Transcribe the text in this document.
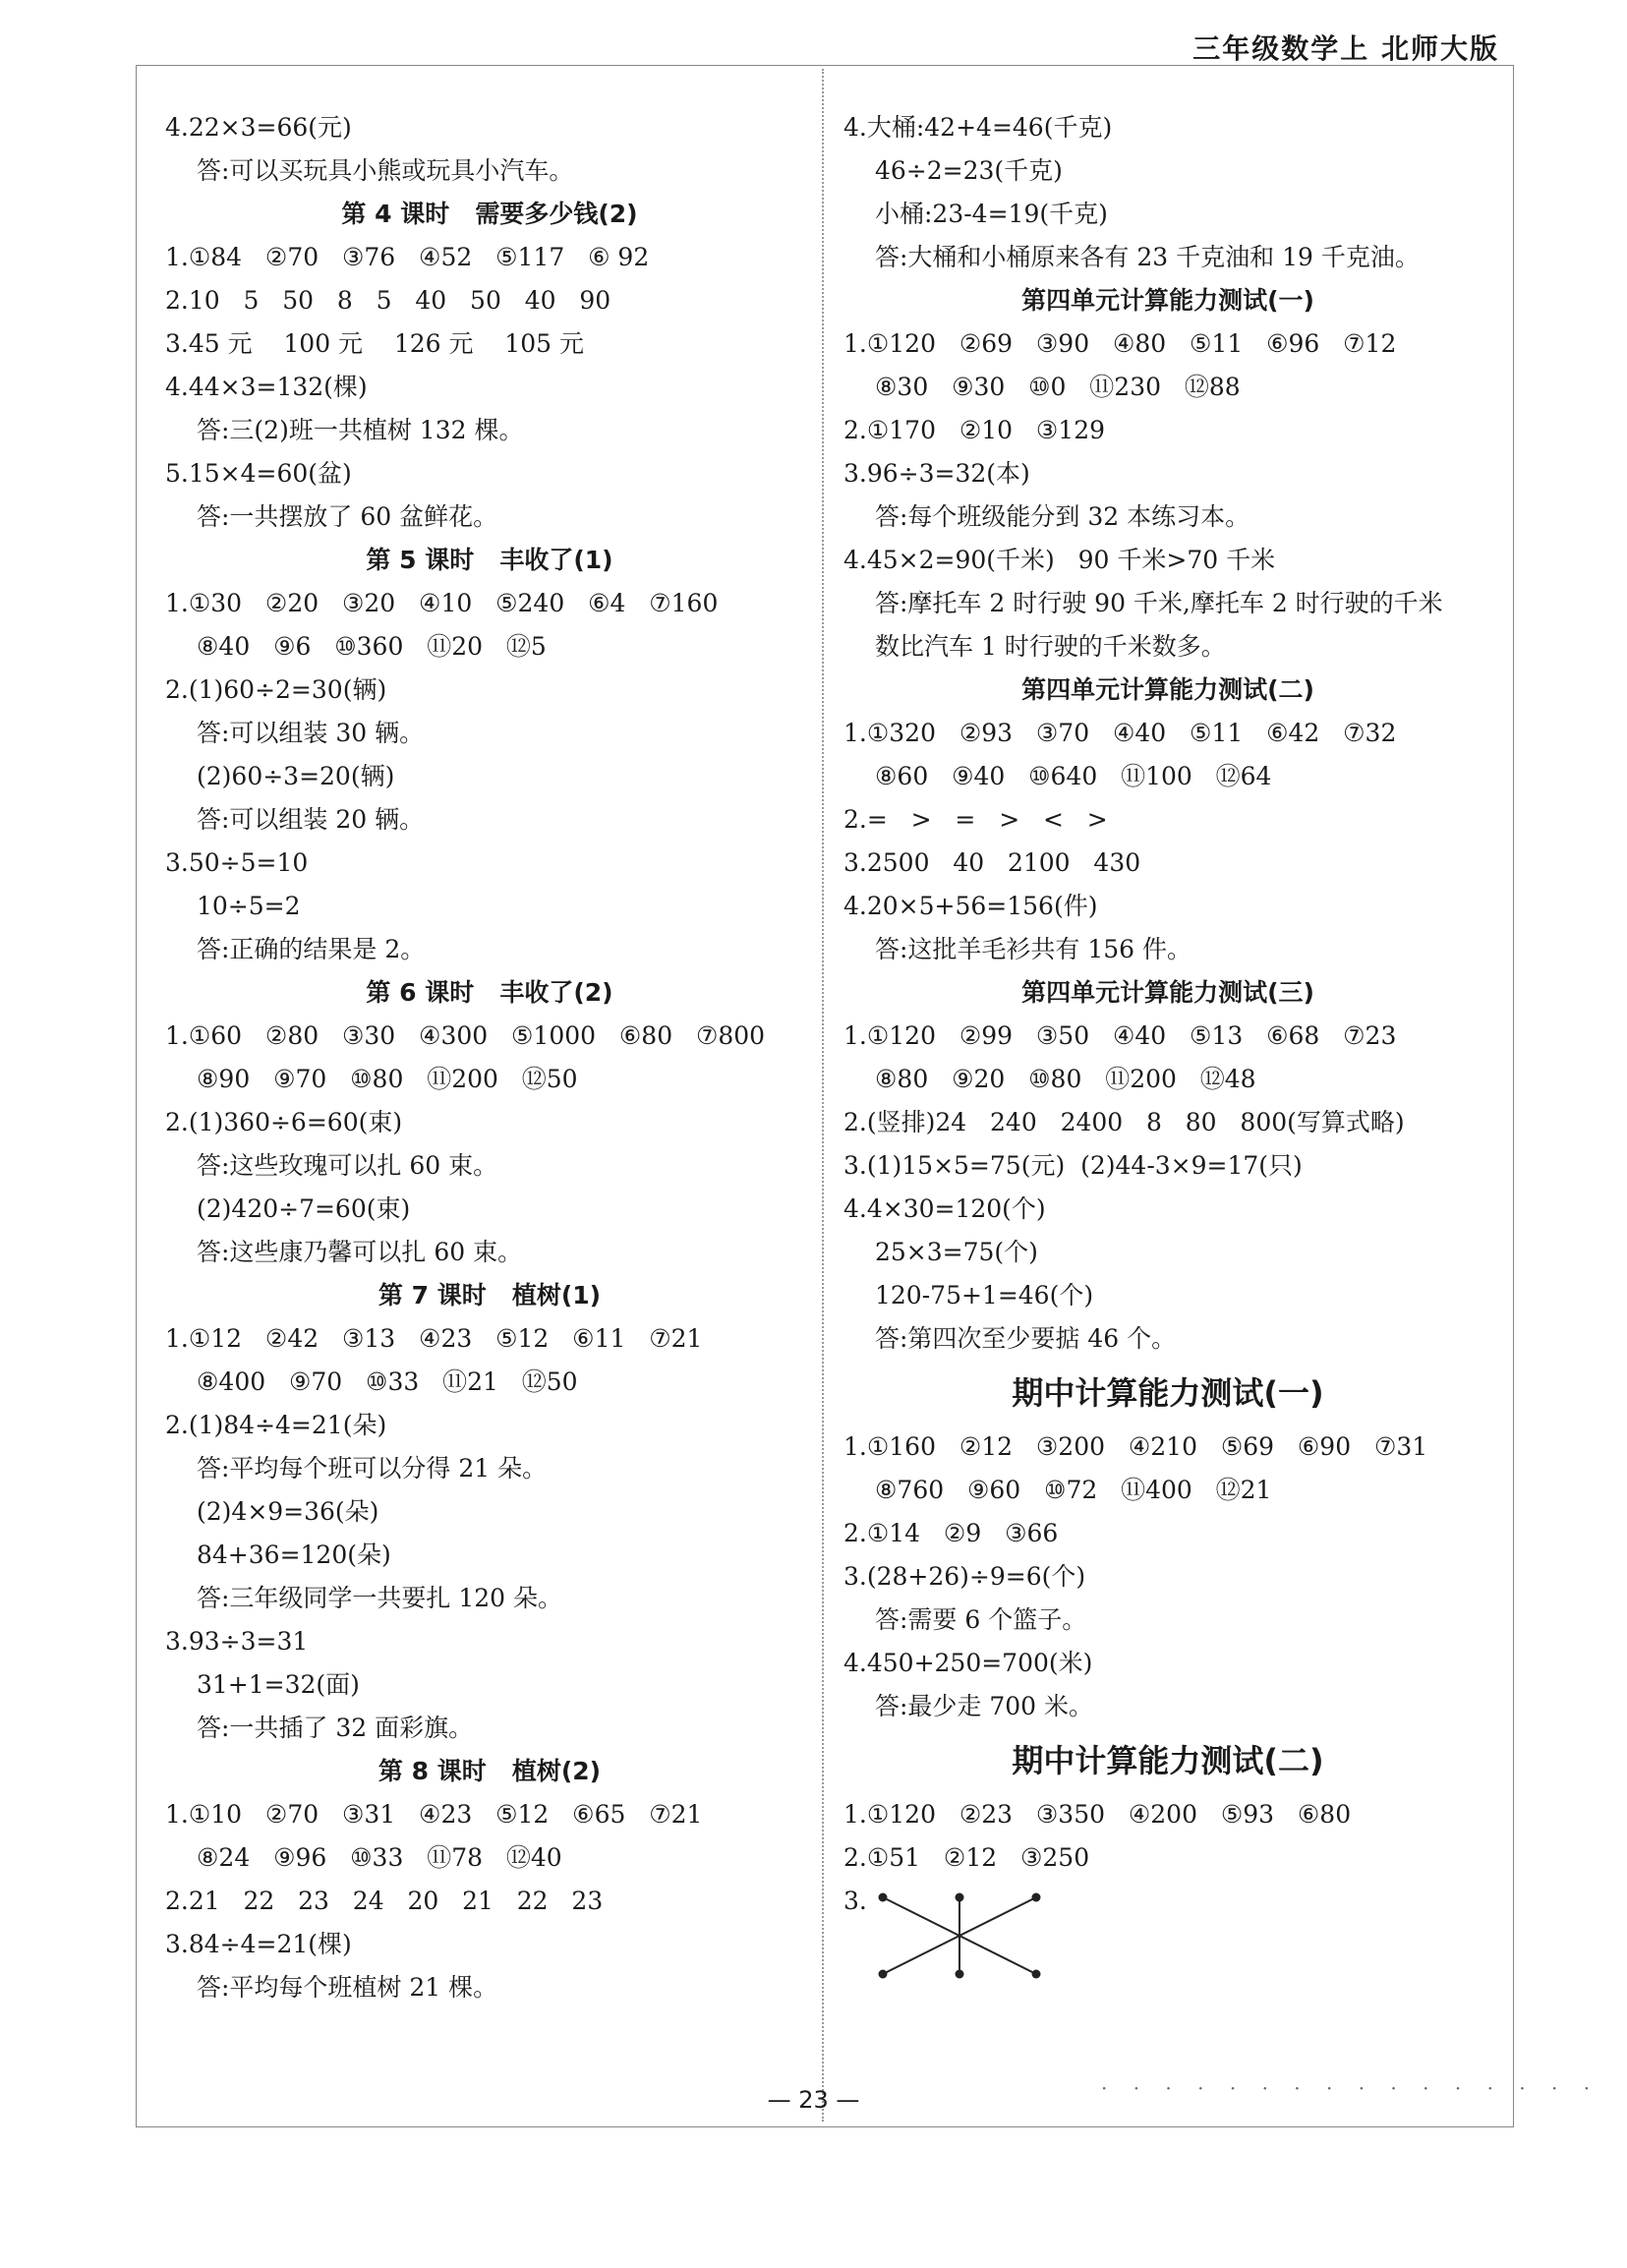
三年级数学上 北师大版
4.22×3=66(元)
答:可以买玩具小熊或玩具小汽车。
第 4 课时   需要多少钱(2)
1.①84   ②70   ③76   ④52   ⑤117   ⑥ 92
2.10   5   50   8   5   40   50   40   90
3.45 元    100 元    126 元    105 元
4.44×3=132(棵)
答:三(2)班一共植树 132 棵。
5.15×4=60(盆)
答:一共摆放了 60 盆鲜花。
第 5 课时   丰收了(1)
1.①30   ②20   ③20   ④10   ⑤240   ⑥4   ⑦160
⑧40   ⑨6   ⑩360   ⑪20   ⑫5
2.(1)60÷2=30(辆)
答:可以组装 30 辆。
(2)60÷3=20(辆)
答:可以组装 20 辆。
3.50÷5=10
10÷5=2
答:正确的结果是 2。
第 6 课时   丰收了(2)
1.①60   ②80   ③30   ④300   ⑤1000   ⑥80   ⑦800
⑧90   ⑨70   ⑩80   ⑪200   ⑫50
2.(1)360÷6=60(束)
答:这些玫瑰可以扎 60 束。
(2)420÷7=60(束)
答:这些康乃馨可以扎 60 束。
第 7 课时   植树(1)
1.①12   ②42   ③13   ④23   ⑤12   ⑥11   ⑦21
⑧400   ⑨70   ⑩33   ⑪21   ⑫50
2.(1)84÷4=21(朵)
答:平均每个班可以分得 21 朵。
(2)4×9=36(朵)
84+36=120(朵)
答:三年级同学一共要扎 120 朵。
3.93÷3=31
31+1=32(面)
答:一共插了 32 面彩旗。
第 8 课时   植树(2)
1.①10   ②70   ③31   ④23   ⑤12   ⑥65   ⑦21
⑧24   ⑨96   ⑩33   ⑪78   ⑫40
2.21   22   23   24   20   21   22   23
3.84÷4=21(棵)
答:平均每个班植树 21 棵。
4.大桶:42+4=46(千克)
46÷2=23(千克)
小桶:23-4=19(千克)
答:大桶和小桶原来各有 23 千克油和 19 千克油。
第四单元计算能力测试(一)
1.①120   ②69   ③90   ④80   ⑤11   ⑥96   ⑦12
⑧30   ⑨30   ⑩0   ⑪230   ⑫88
2.①170   ②10   ③129
3.96÷3=32(本)
答:每个班级能分到 32 本练习本。
4.45×2=90(千米)   90 千米>70 千米
答:摩托车 2 时行驶 90 千米,摩托车 2 时行驶的千米
数比汽车 1 时行驶的千米数多。
第四单元计算能力测试(二)
1.①320   ②93   ③70   ④40   ⑤11   ⑥42   ⑦32
⑧60   ⑨40   ⑩640   ⑪100   ⑫64
2.=   >   =   >   <   >
3.2500   40   2100   430
4.20×5+56=156(件)
答:这批羊毛衫共有 156 件。
第四单元计算能力测试(三)
1.①120   ②99   ③50   ④40   ⑤13   ⑥68   ⑦23
⑧80   ⑨20   ⑩80   ⑪200   ⑫48
2.(竖排)24   240   2400   8   80   800(写算式略)
3.(1)15×5=75(元)  (2)44-3×9=17(只)
4.4×30=120(个)
25×3=75(个)
120-75+1=46(个)
答:第四次至少要掂 46 个。
期中计算能力测试(一)
1.①160   ②12   ③200   ④210   ⑤69   ⑥90   ⑦31
⑧760   ⑨60   ⑩72   ⑪400   ⑫21
2.①14   ②9   ③66
3.(28+26)÷9=6(个)
答:需要 6 个篮子。
4.450+250=700(米)
答:最少走 700 米。
期中计算能力测试(二)
1.①120   ②23   ③350   ④200   ⑤93   ⑥80
2.①51   ②12   ③250
3.
· · · · · · · · · · · · · · · ·
— 23 —
